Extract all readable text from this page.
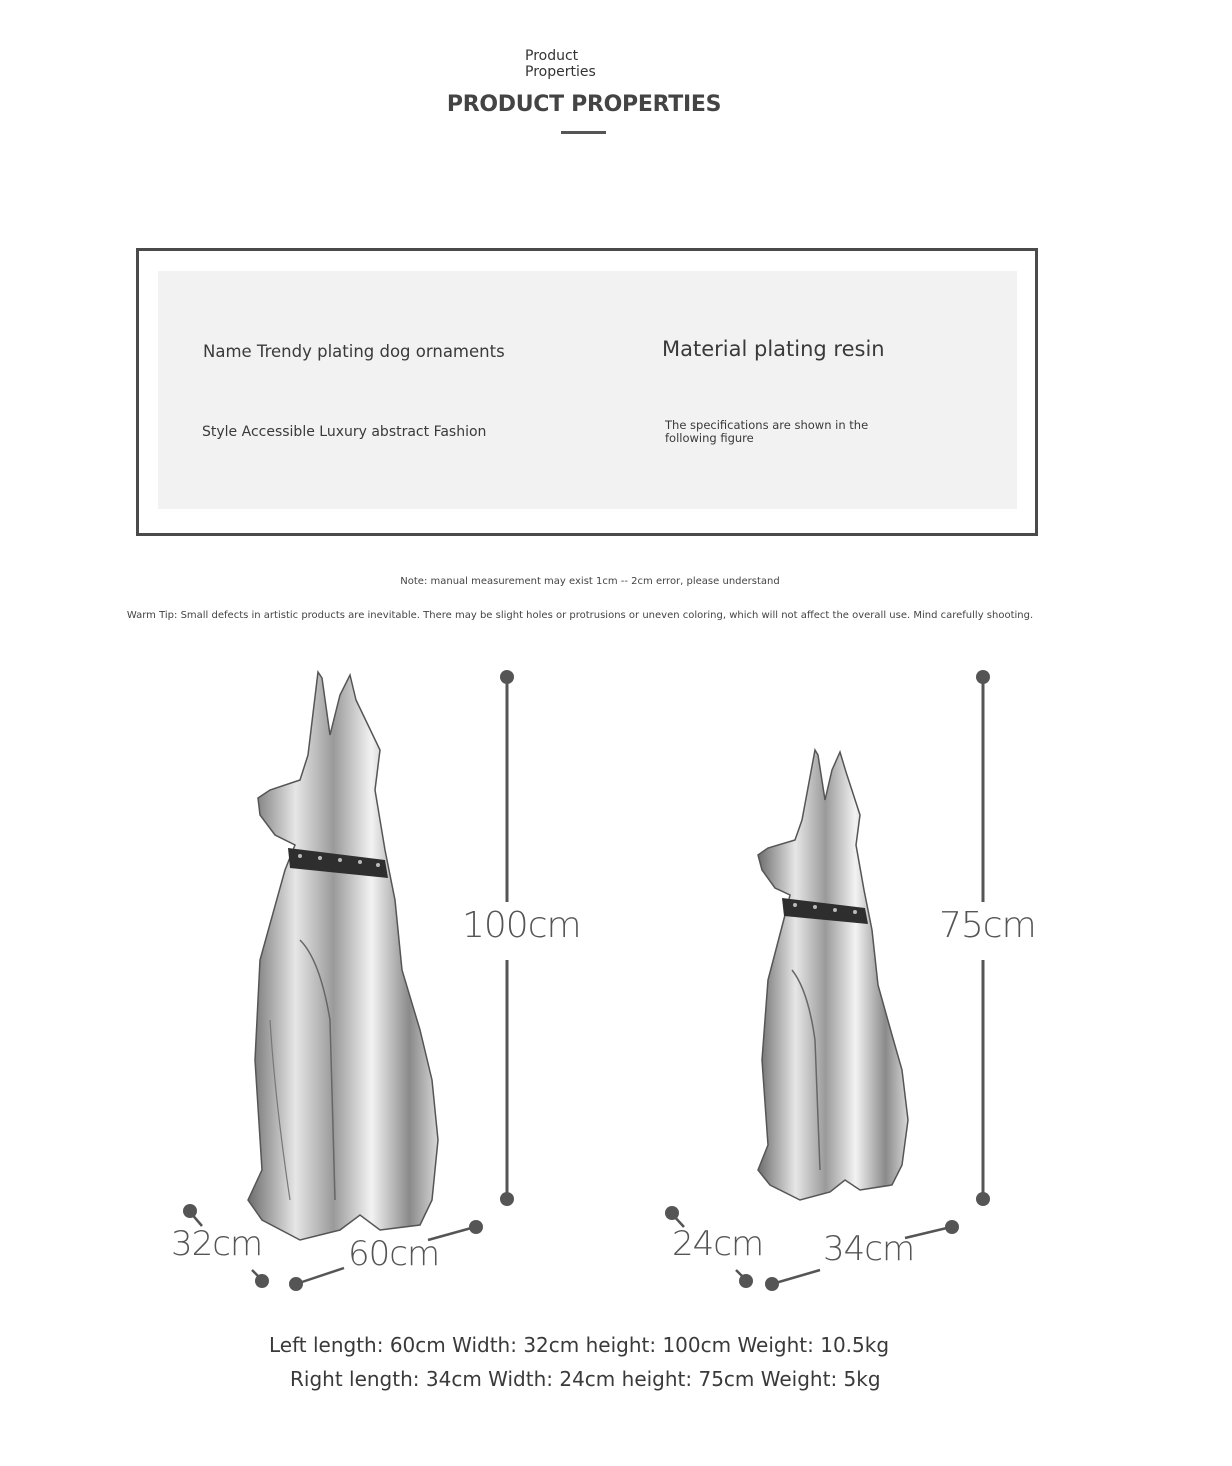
Product Properties
PRODUCT PROPERTIES
Name Trendy plating dog ornaments	Material plating resin
Style Accessible Luxury abstract Fashion	The specifications are shown in the following figure
Note: manual measurement may exist 1cm -- 2cm error, please understand
Warm Tip: Small defects in artistic products are inevitable. There may be slight holes or protrusions or uneven coloring, which will not affect the overall use. Mind carefully shooting.
100cm
32cm	60cm
75cm
24cm 34cm
Left length: 60cm Width: 32cm height: 100cm Weight: 10.5kg
Right length: 34cm Width: 24cm height: 75cm Weight: 5kg
